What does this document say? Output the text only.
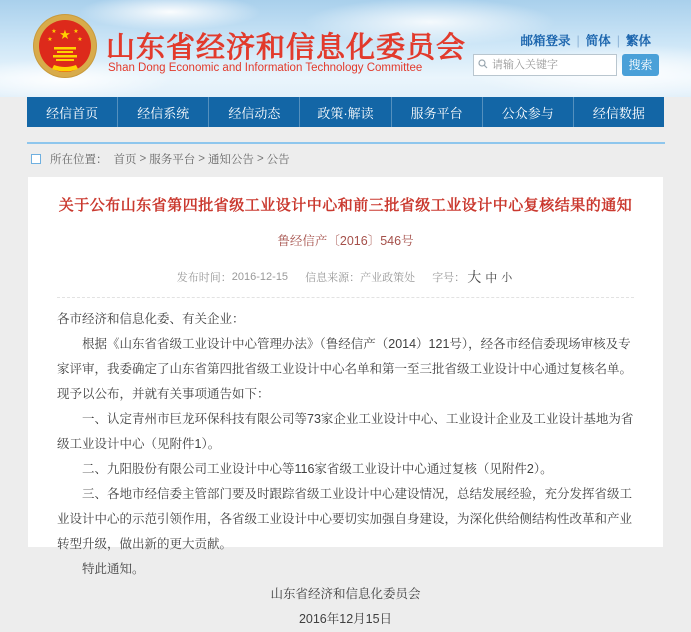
★
★	★
★	★ 山东省经济和信息化委员会
Shan Dong Economic and Information Technology Committee
邮箱登录 | 简体 | 繁体
请输入关键字
搜索
经信首页	经信系统	经信动态	政策·解读	服务平台	公众参与	经信数据
所在位置： 首页 > 服务平台 > 通知公告 > 公告
关于公布山东省第四批省级工业设计中心和前三批省级工业设计中心复核结果的通知
鲁经信产〔2016〕546号
发布时间：2016-12-15 信息来源：产业政策处 字号： 大 中 小

各市经济和信息化委、有关企业：

根据《山东省省级工业设计中心管理办法》（鲁经信产（2014）121号），经各市经信委现场审核及专家评审，我委确定了山东省第四批省级工业设计中心名单和第一至三批省级工业设计中心通过复核名单。现予以公布，并就有关事项通告如下：

一、认定青州市巨龙环保科技有限公司等73家企业工业设计中心、工业设计企业及工业设计基地为省级工业设计中心（见附件1）。

二、九阳股份有限公司工业设计中心等116家省级工业设计中心通过复核（见附件2）。

三、各地市经信委主管部门要及时跟踪省级工业设计中心建设情况，总结发展经验，充分发挥省级工业设计中心的示范引领作用，各省级工业设计中心要切实加强自身建设，为深化供给侧结构性改革和产业转型升级，做出新的更大贡献。

特此通知。

山东省经济和信息化委员会

2016年12月15日
